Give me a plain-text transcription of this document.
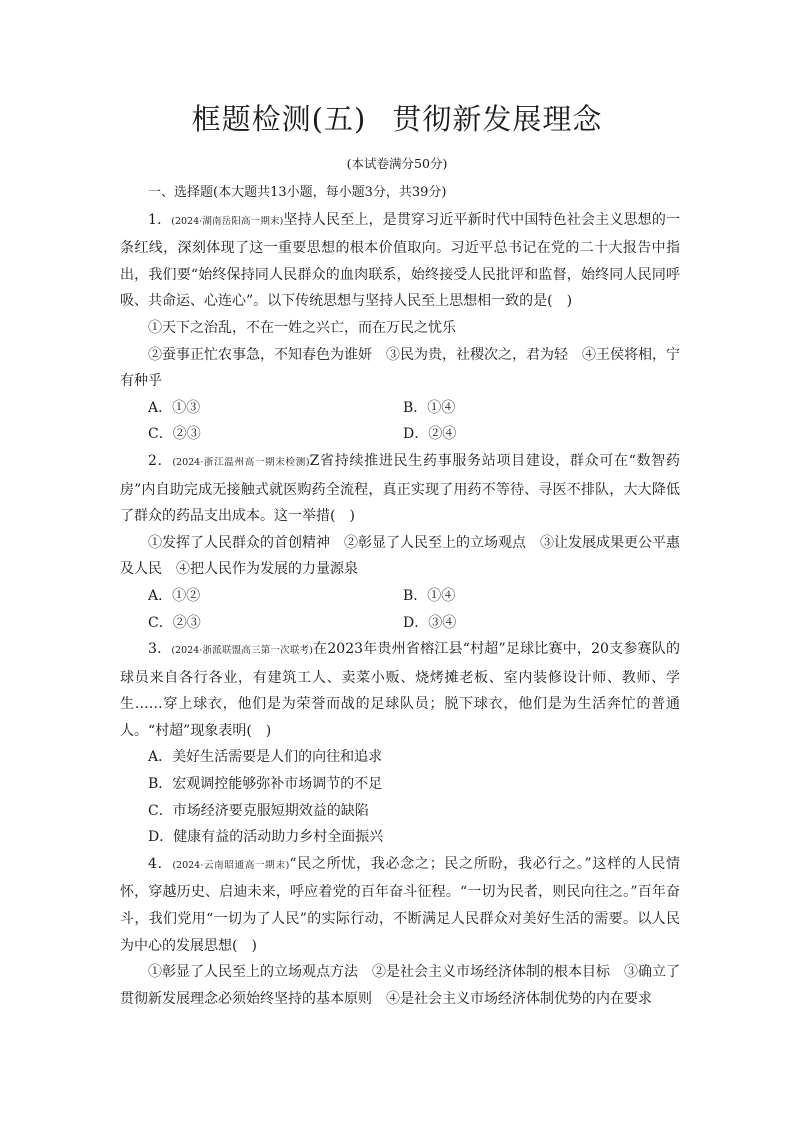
框题检测(五) 贯彻新发展理念
(本试卷满分50分)

一、选择题(本大题共13小题，每小题3分，共39分)

1．(2024·湖南岳阳高一期末)坚持人民至上，是贯穿习近平新时代中国特色社会主义思想的一条红线，深刻体现了这一重要思想的根本价值取向。习近平总书记在党的二十大报告中指出，我们要“始终保持同人民群众的血肉联系，始终接受人民批评和监督，始终同人民同呼吸、共命运、心连心”。以下传统思想与坚持人民至上思想相一致的是(　)

①天下之治乱，不在一姓之兴亡，而在万民之忧乐

②蚕事正忙农事急，不知春色为谁妍　③民为贵，社稷次之，君为轻　④王侯将相，宁有种乎

A．①③	B．①④
C．②③	D．②④

2．(2024·浙江温州高一期末检测)Z省持续推进民生药事服务站项目建设，群众可在“数智药房”内自助完成无接触式就医购药全流程，真正实现了用药不等待、寻医不排队，大大降低了群众的药品支出成本。这一举措(　)

①发挥了人民群众的首创精神　②彰显了人民至上的立场观点　③让发展成果更公平惠及人民　④把人民作为发展的力量源泉

A．①②	B．①④
C．②③	D．③④

3．(2024·浙派联盟高三第一次联考)在2023年贵州省榕江县“村超”足球比赛中，20支参赛队的球员来自各行各业，有建筑工人、卖菜小贩、烧烤摊老板、室内装修设计师、教师、学生……穿上球衣，他们是为荣誉而战的足球队员；脱下球衣，他们是为生活奔忙的普通人。“村超”现象表明(　)

A．美好生活需要是人们的向往和追求

B．宏观调控能够弥补市场调节的不足

C．市场经济要克服短期效益的缺陷

D．健康有益的活动助力乡村全面振兴

4．(2024·云南昭通高一期末)“民之所忧，我必念之；民之所盼，我必行之。”这样的人民情怀，穿越历史、启迪未来，呼应着党的百年奋斗征程。“一切为民者，则民向往之。”百年奋斗，我们党用“一切为了人民”的实际行动，不断满足人民群众对美好生活的需要。以人民为中心的发展思想(　)

①彰显了人民至上的立场观点方法　②是社会主义市场经济体制的根本目标　③确立了贯彻新发展理念必须始终坚持的基本原则　④是社会主义市场经济体制优势的内在要求
